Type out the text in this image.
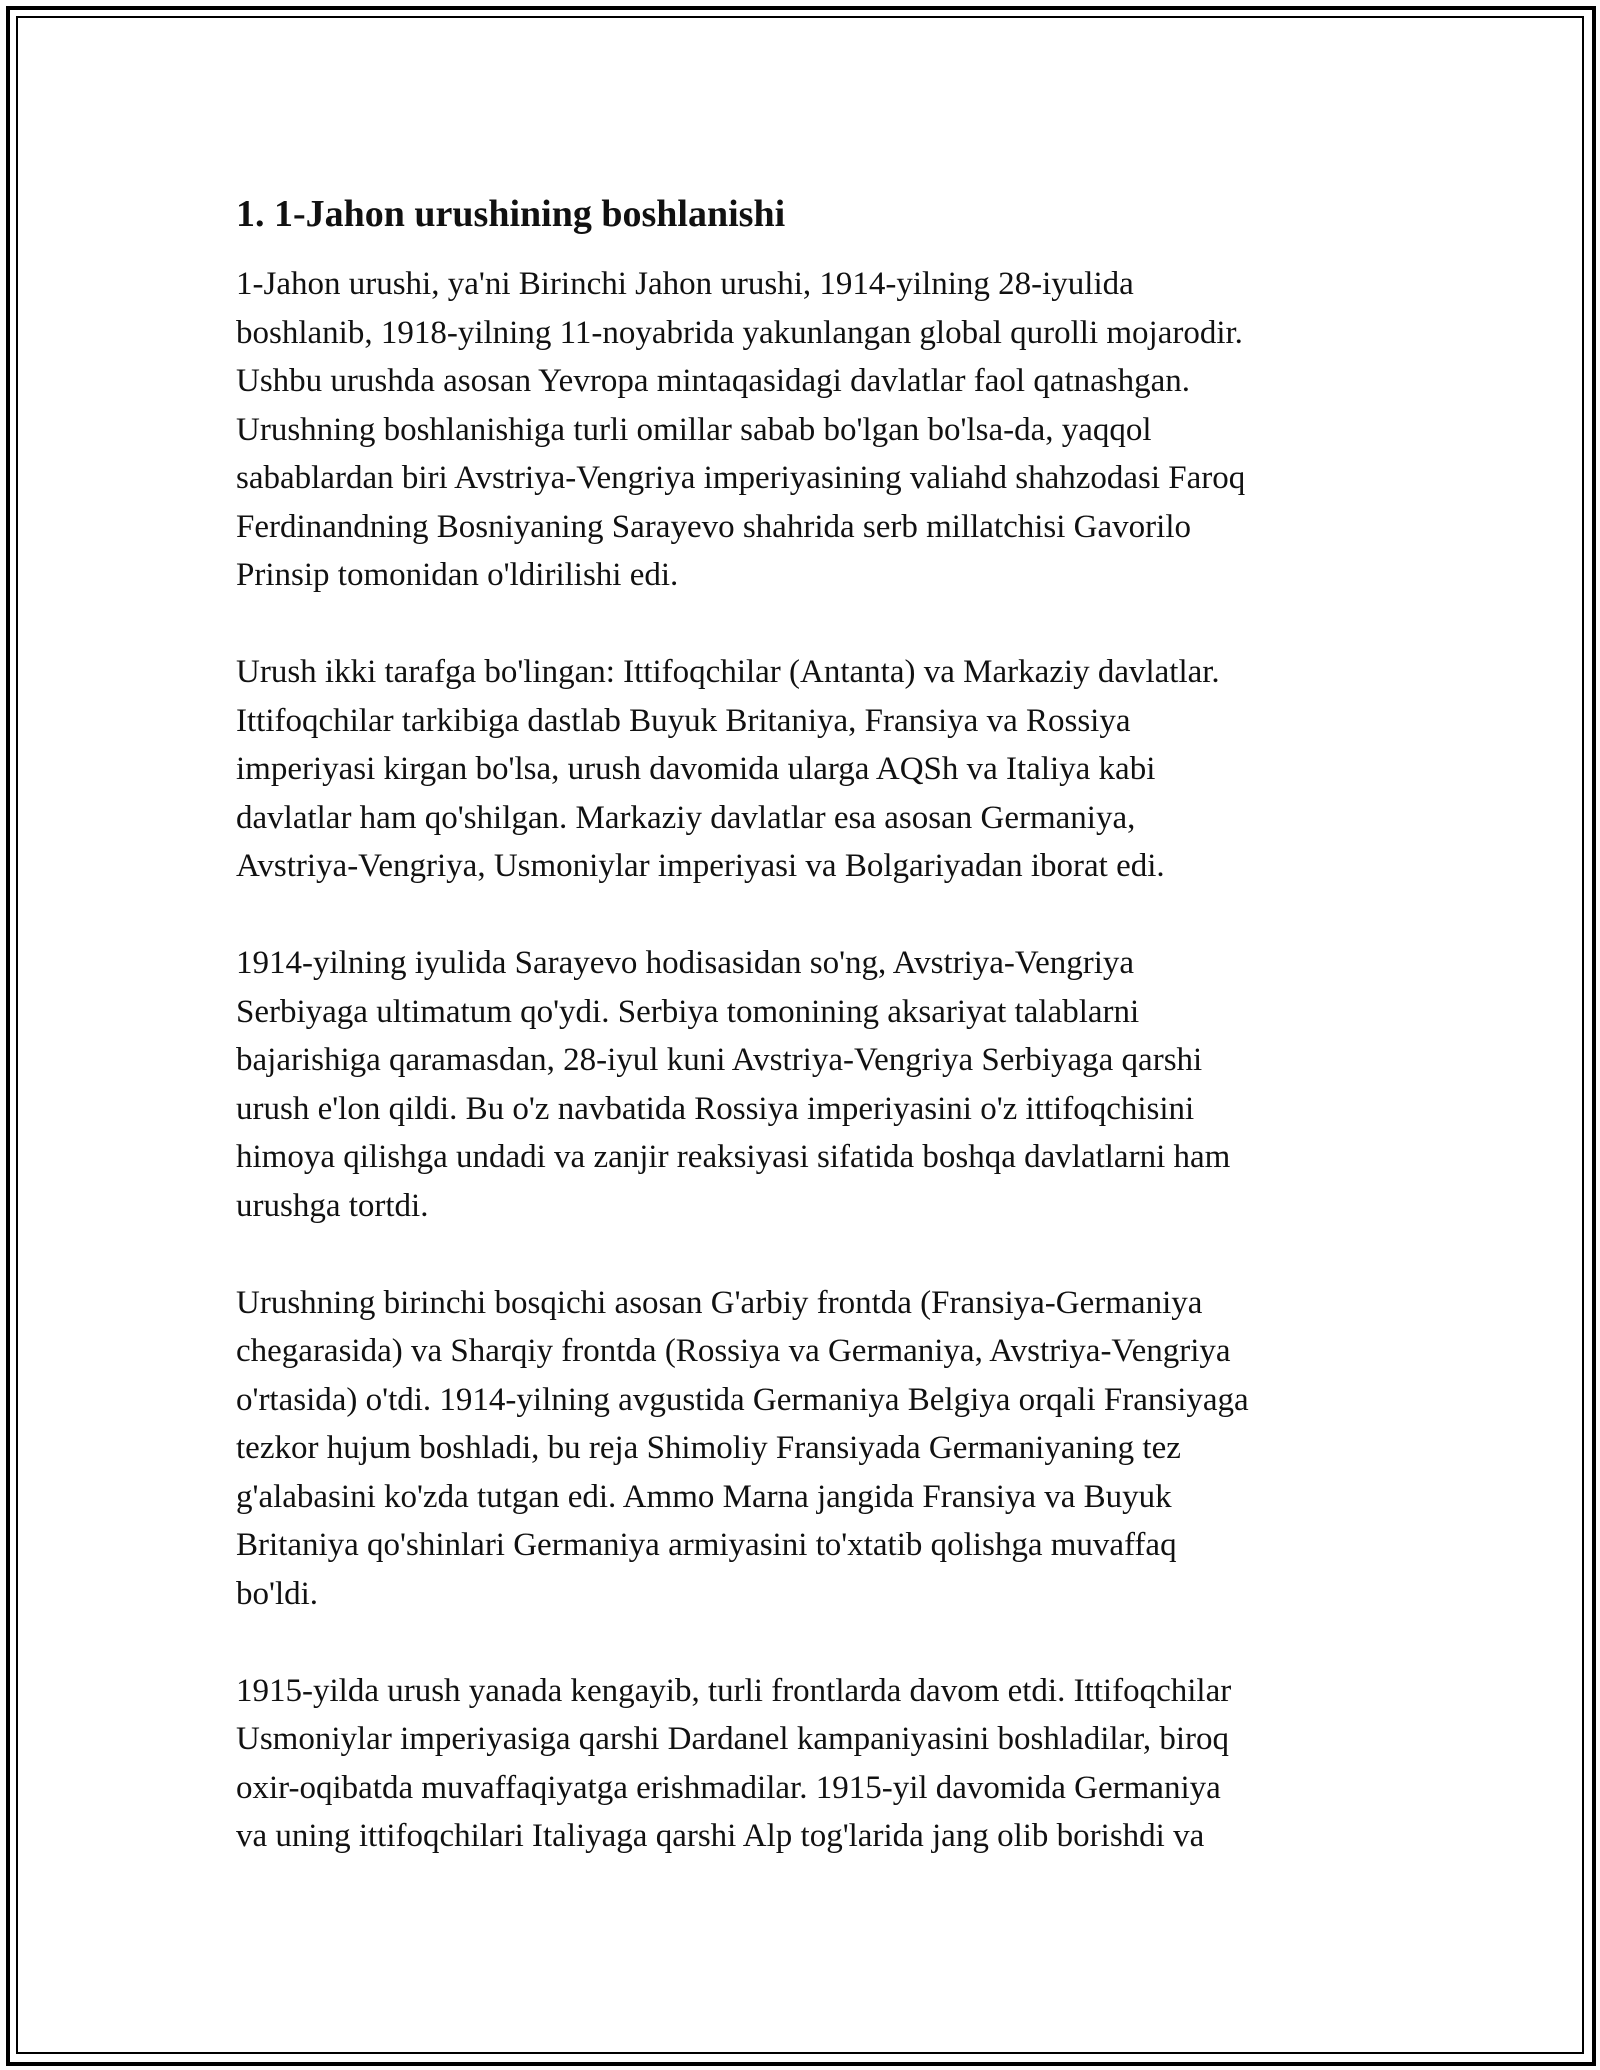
1. 1-Jahon urushining boshlanishi
1-Jahon urushi, ya'ni Birinchi Jahon urushi, 1914-yilning 28-iyulida
boshlanib, 1918-yilning 11-noyabrida yakunlangan global qurolli mojarodir.
Ushbu urushda asosan Yevropa mintaqasidagi davlatlar faol qatnashgan.
Urushning boshlanishiga turli omillar sabab bo'lgan bo'lsa-da, yaqqol
sabablardan biri Avstriya-Vengriya imperiyasining valiahd shahzodasi Faroq
Ferdinandning Bosniyaning Sarayevo shahrida serb millatchisi Gavorilo
Prinsip tomonidan o'ldirilishi edi.
Urush ikki tarafga bo'lingan: Ittifoqchilar (Antanta) va Markaziy davlatlar.
Ittifoqchilar tarkibiga dastlab Buyuk Britaniya, Fransiya va Rossiya
imperiyasi kirgan bo'lsa, urush davomida ularga AQSh va Italiya kabi
davlatlar ham qo'shilgan. Markaziy davlatlar esa asosan Germaniya,
Avstriya-Vengriya, Usmoniylar imperiyasi va Bolgariyadan iborat edi.
1914-yilning iyulida Sarayevo hodisasidan so'ng, Avstriya-Vengriya
Serbiyaga ultimatum qo'ydi. Serbiya tomonining aksariyat talablarni
bajarishiga qaramasdan, 28-iyul kuni Avstriya-Vengriya Serbiyaga qarshi
urush e'lon qildi. Bu o'z navbatida Rossiya imperiyasini o'z ittifoqchisini
himoya qilishga undadi va zanjir reaksiyasi sifatida boshqa davlatlarni ham
urushga tortdi.
Urushning birinchi bosqichi asosan G'arbiy frontda (Fransiya-Germaniya
chegarasida) va Sharqiy frontda (Rossiya va Germaniya, Avstriya-Vengriya
o'rtasida) o'tdi. 1914-yilning avgustida Germaniya Belgiya orqali Fransiyaga
tezkor hujum boshladi, bu reja Shimoliy Fransiyada Germaniyaning tez
g'alabasini ko'zda tutgan edi. Ammo Marna jangida Fransiya va Buyuk
Britaniya qo'shinlari Germaniya armiyasini to'xtatib qolishga muvaffaq
bo'ldi.
1915-yilda urush yanada kengayib, turli frontlarda davom etdi. Ittifoqchilar
Usmoniylar imperiyasiga qarshi Dardanel kampaniyasini boshladilar, biroq
oxir-oqibatda muvaffaqiyatga erishmadilar. 1915-yil davomida Germaniya
va uning ittifoqchilari Italiyaga qarshi Alp tog'larida jang olib borishdi va
